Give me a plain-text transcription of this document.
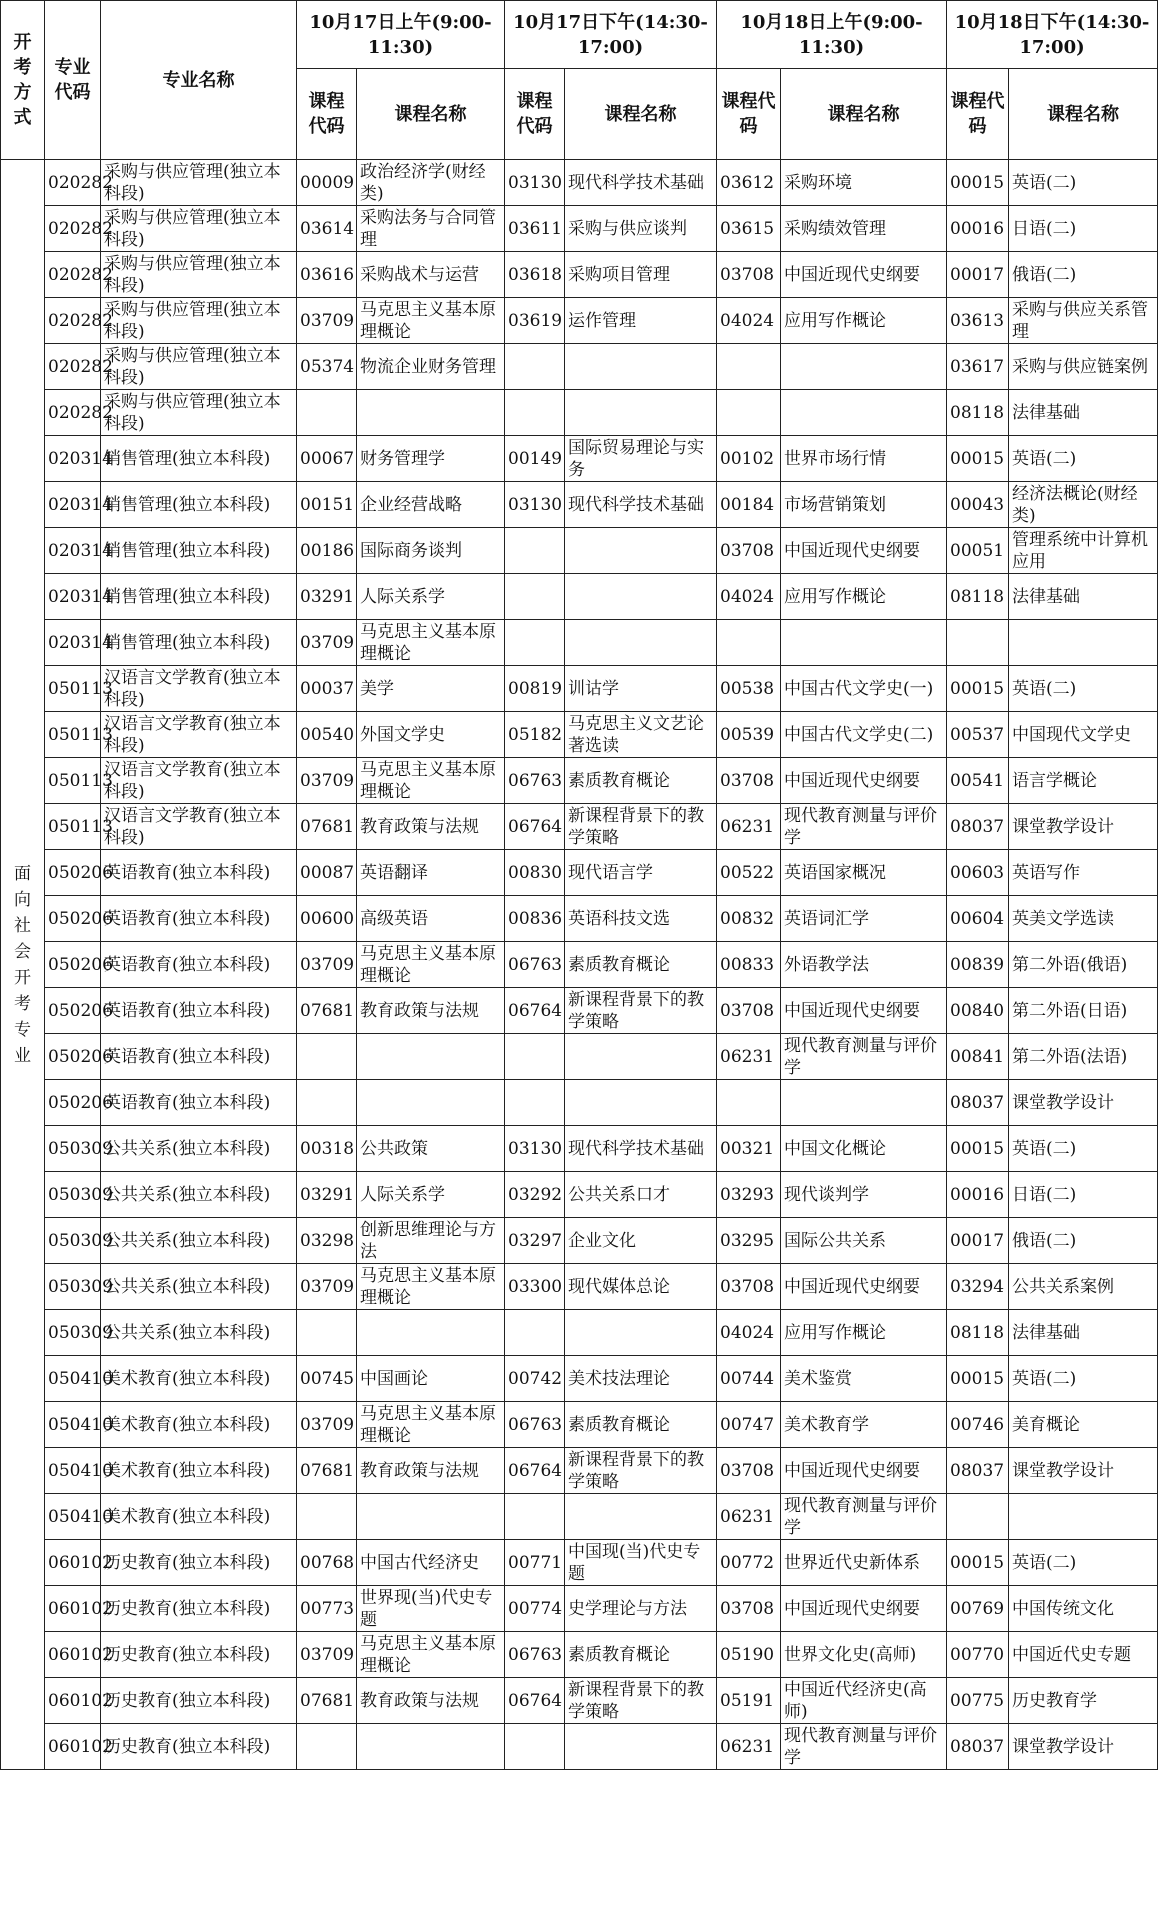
开考方式	专业代码	专业名称	10月17日上午(9:00-11:30)		10月17日下午(14:30-17:00)		10月18日上午(9:00-11:30)		10月18日下午(14:30-17:00)	
			课程代码	课程名称	课程代码	课程名称	课程代码	课程名称	课程代码	课程名称

面向社会开考专业	020282	采购与供应管理(独立本科段)	00009	政治经济学(财经类)	03130	现代科学技术基础	03612	采购环境	00015	英语(二)
	020282	采购与供应管理(独立本科段)	03614	采购法务与合同管理	03611	采购与供应谈判	03615	采购绩效管理	00016	日语(二)
	020282	采购与供应管理(独立本科段)	03616	采购战术与运营	03618	采购项目管理	03708	中国近现代史纲要	00017	俄语(二)
	020282	采购与供应管理(独立本科段)	03709	马克思主义基本原理概论	03619	运作管理	04024	应用写作概论	03613	采购与供应关系管理
	020282	采购与供应管理(独立本科段)	05374	物流企业财务管理					03617	采购与供应链案例
	020282	采购与供应管理(独立本科段)							08118	法律基础
	020314	销售管理(独立本科段)	00067	财务管理学	00149	国际贸易理论与实务	00102	世界市场行情	00015	英语(二)
	020314	销售管理(独立本科段)	00151	企业经营战略	03130	现代科学技术基础	00184	市场营销策划	00043	经济法概论(财经类)
	020314	销售管理(独立本科段)	00186	国际商务谈判			03708	中国近现代史纲要	00051	管理系统中计算机应用
	020314	销售管理(独立本科段)	03291	人际关系学			04024	应用写作概论	08118	法律基础
	020314	销售管理(独立本科段)	03709	马克思主义基本原理概论						
	050113	汉语言文学教育(独立本科段)	00037	美学	00819	训诂学	00538	中国古代文学史(一)	00015	英语(二)
	050113	汉语言文学教育(独立本科段)	00540	外国文学史	05182	马克思主义文艺论著选读	00539	中国古代文学史(二)	00537	中国现代文学史
	050113	汉语言文学教育(独立本科段)	03709	马克思主义基本原理概论	06763	素质教育概论	03708	中国近现代史纲要	00541	语言学概论
	050113	汉语言文学教育(独立本科段)	07681	教育政策与法规	06764	新课程背景下的教学策略	06231	现代教育测量与评价学	08037	课堂教学设计
	050206	英语教育(独立本科段)	00087	英语翻译	00830	现代语言学	00522	英语国家概况	00603	英语写作
	050206	英语教育(独立本科段)	00600	高级英语	00836	英语科技文选	00832	英语词汇学	00604	英美文学选读
	050206	英语教育(独立本科段)	03709	马克思主义基本原理概论	06763	素质教育概论	00833	外语教学法	00839	第二外语(俄语)
	050206	英语教育(独立本科段)	07681	教育政策与法规	06764	新课程背景下的教学策略	03708	中国近现代史纲要	00840	第二外语(日语)
	050206	英语教育(独立本科段)					06231	现代教育测量与评价学	00841	第二外语(法语)
	050206	英语教育(独立本科段)							08037	课堂教学设计
	050309	公共关系(独立本科段)	00318	公共政策	03130	现代科学技术基础	00321	中国文化概论	00015	英语(二)
	050309	公共关系(独立本科段)	03291	人际关系学	03292	公共关系口才	03293	现代谈判学	00016	日语(二)
	050309	公共关系(独立本科段)	03298	创新思维理论与方法	03297	企业文化	03295	国际公共关系	00017	俄语(二)
	050309	公共关系(独立本科段)	03709	马克思主义基本原理概论	03300	现代媒体总论	03708	中国近现代史纲要	03294	公共关系案例
	050309	公共关系(独立本科段)					04024	应用写作概论	08118	法律基础
	050410	美术教育(独立本科段)	00745	中国画论	00742	美术技法理论	00744	美术鉴赏	00015	英语(二)
	050410	美术教育(独立本科段)	03709	马克思主义基本原理概论	06763	素质教育概论	00747	美术教育学	00746	美育概论
	050410	美术教育(独立本科段)	07681	教育政策与法规	06764	新课程背景下的教学策略	03708	中国近现代史纲要	08037	课堂教学设计
	050410	美术教育(独立本科段)					06231	现代教育测量与评价学		
	060102	历史教育(独立本科段)	00768	中国古代经济史	00771	中国现(当)代史专题	00772	世界近代史新体系	00015	英语(二)
	060102	历史教育(独立本科段)	00773	世界现(当)代史专题	00774	史学理论与方法	03708	中国近现代史纲要	00769	中国传统文化
	060102	历史教育(独立本科段)	03709	马克思主义基本原理概论	06763	素质教育概论	05190	世界文化史(高师)	00770	中国近代史专题
	060102	历史教育(独立本科段)	07681	教育政策与法规	06764	新课程背景下的教学策略	05191	中国近代经济史(高师)	00775	历史教育学
	060102	历史教育(独立本科段)					06231	现代教育测量与评价学	08037	课堂教学设计
